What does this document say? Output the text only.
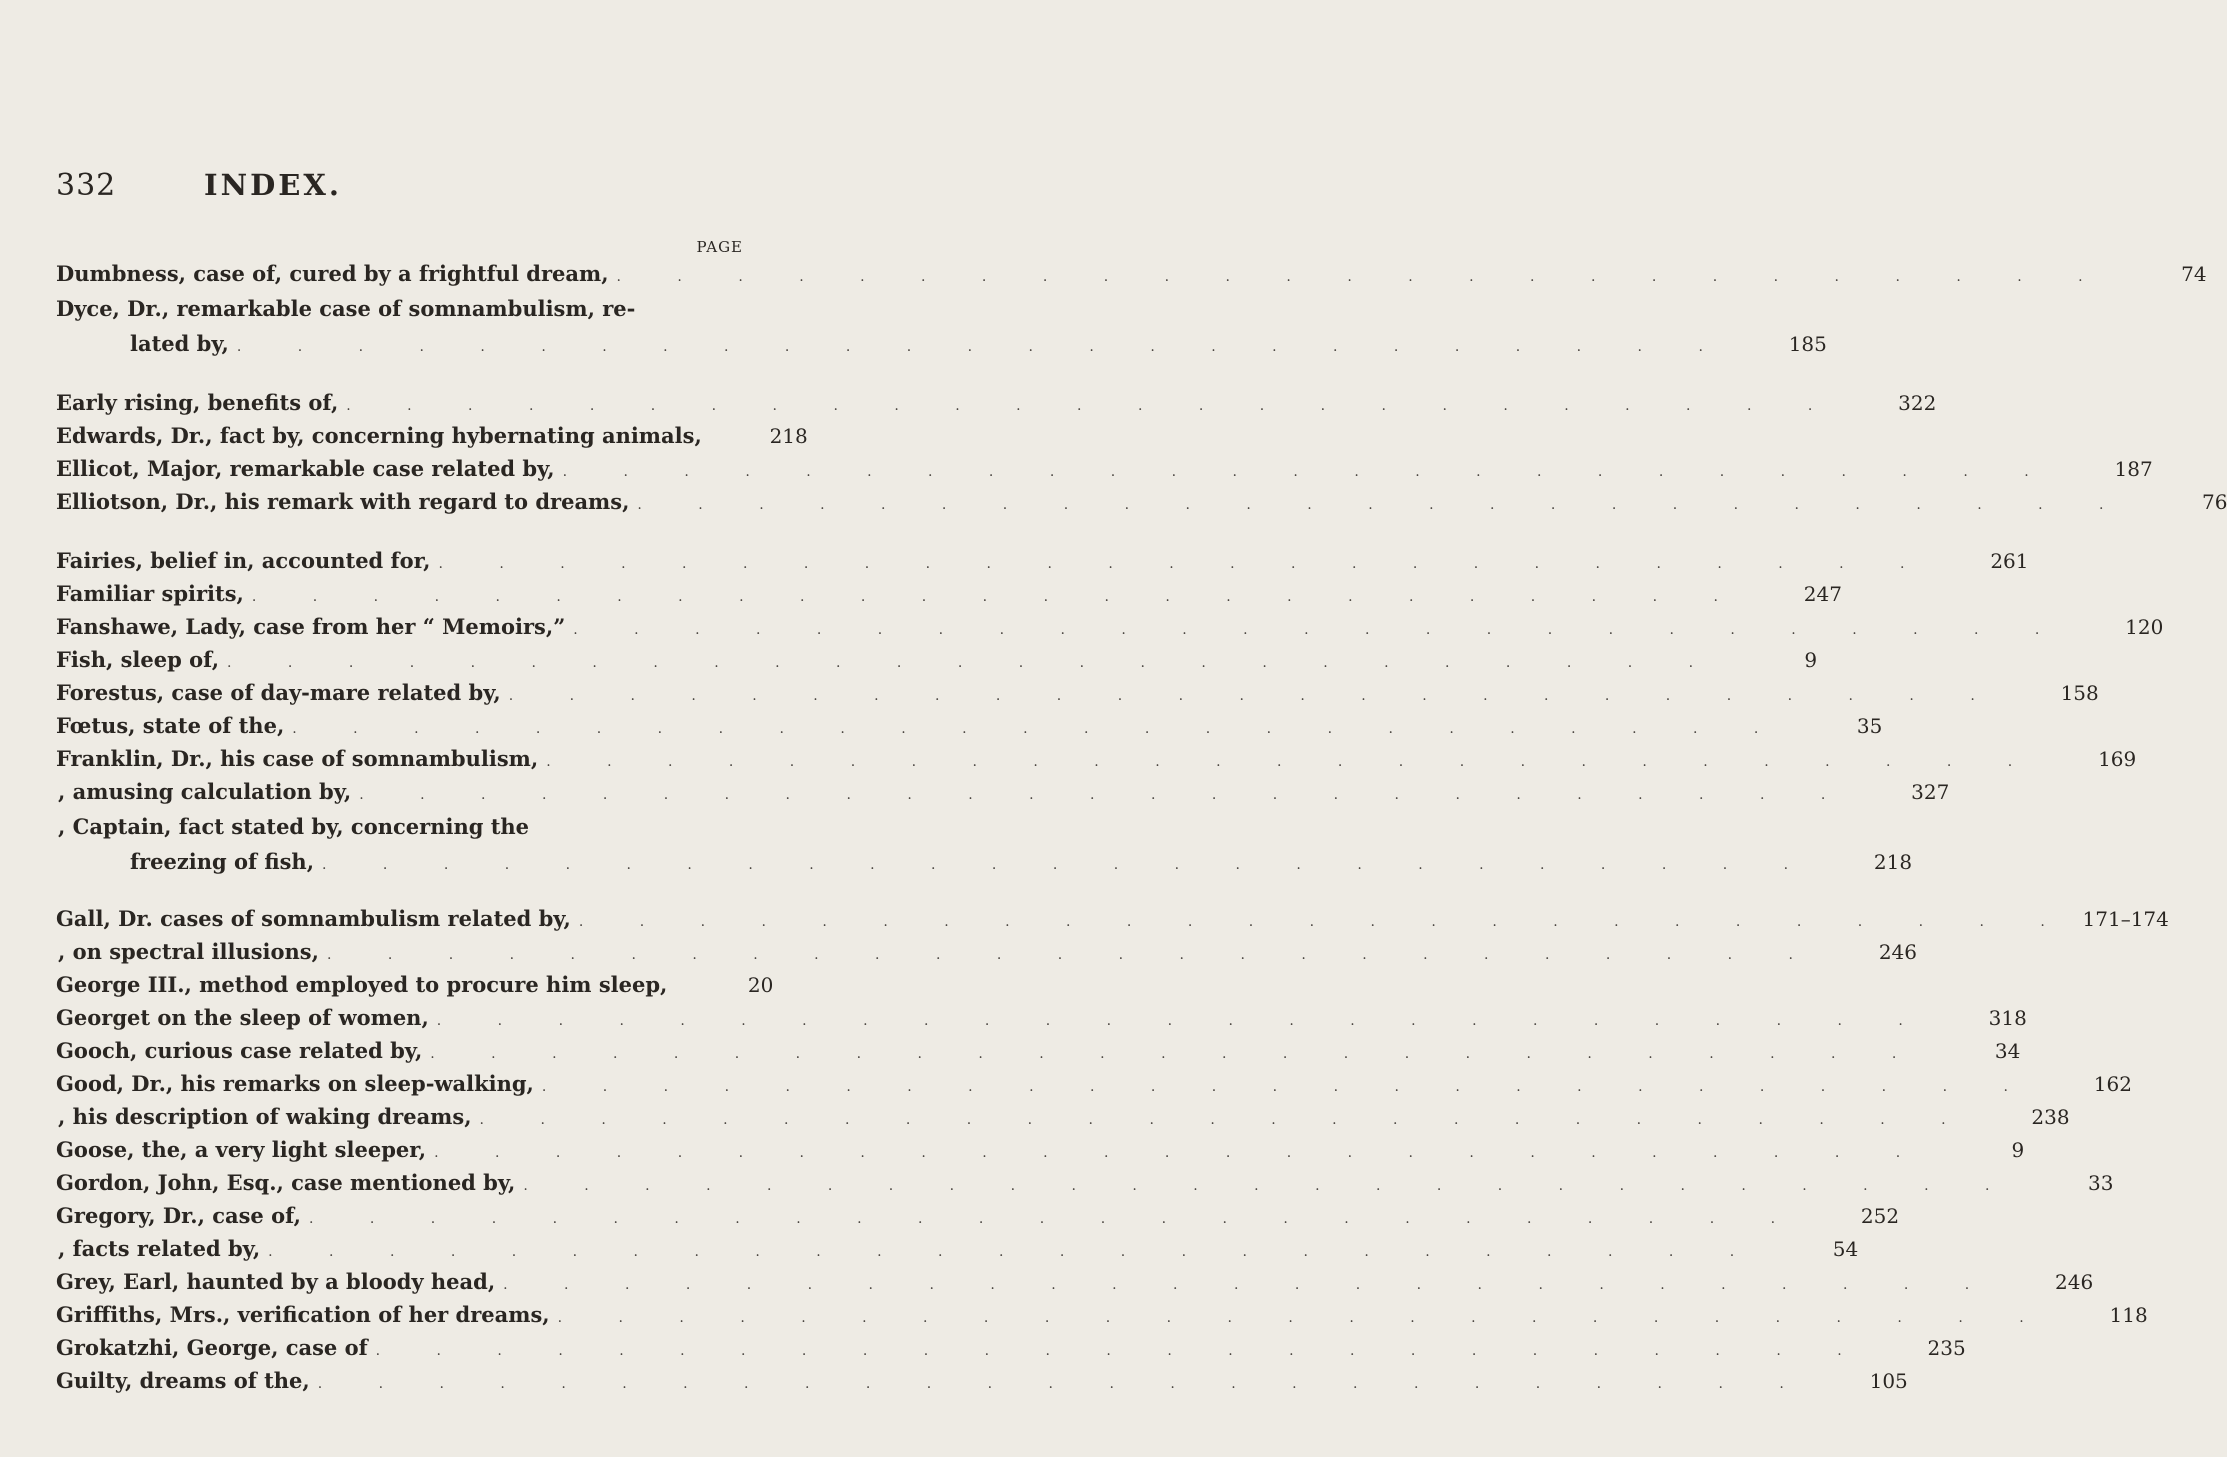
332	INDEX.
PAGE
Dumbness, case of, cured by a frightful dream, . . .	74
Dyce, Dr., remarkable case of somnambulism, re-
lated by, . . .	185
Early rising, benefits of, . . .	322
Edwards, Dr., fact by, concerning hybernating animals,	218
Ellicot, Major, remarkable case related by, . . .	187
Elliotson, Dr., his remark with regard to dreams, . . .	76
Fairies, belief in, accounted for, . . .	261
Familiar spirits, . . .	247
Fanshawe, Lady, case from her “ Memoirs,” . . .	120
Fish, sleep of, . . .	9
Forestus, case of day-mare related by, . . .	158
Fœtus, state of the, . . .	35
Franklin, Dr., his case of somnambulism, . . .	169
, amusing calculation by, . . .	327
, Captain, fact stated by, concerning the
freezing of fish, . . .	218
Gall, Dr. cases of somnambulism related by, . . .	171–174
, on spectral illusions, . . .	246
George III., method employed to procure him sleep,	20
Georget on the sleep of women, . . .	318
Gooch, curious case related by, . . .	34
Good, Dr., his remarks on sleep-walking, . . .	162
, his description of waking dreams, . . .	238
Goose, the, a very light sleeper, . . .	9
Gordon, John, Esq., case mentioned by, . . .	33
Gregory, Dr., case of, . . .	252
, facts related by, . . .	54
Grey, Earl, haunted by a bloody head, . . .	246
Griffiths, Mrs., verification of her dreams, . . .	118
Grokatzhi, George, case of . . .	235
Guilty, dreams of the, . . .	105
